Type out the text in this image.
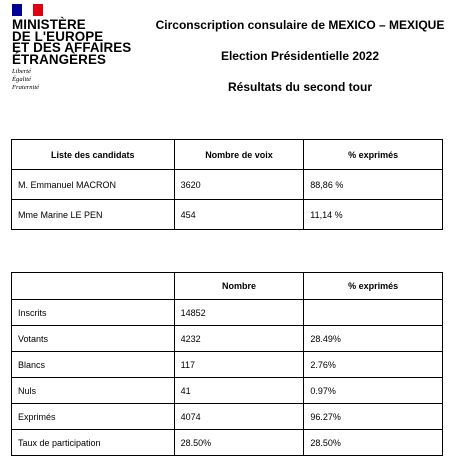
MINISTÈRE
DE L'EUROPE
ET DES AFFAIRES
ÉTRANGÈRES
Liberté
Égalité
Fraternité
Circonscription consulaire de MEXICO – MEXIQUE
Election Présidentielle 2022
Résultats du second tour
Liste des candidats	Nombre de voix	% exprimés
M. Emmanuel MACRON	3620	88,86 %
Mme Marine LE PEN	454	11,14 %
	Nombre	% exprimés
Inscrits	14852	
Votants	4232	28.49%
Blancs	117	2.76%
Nuls	41	0.97%
Exprimés	4074	96.27%
Taux de participation	28.50%	28.50%
